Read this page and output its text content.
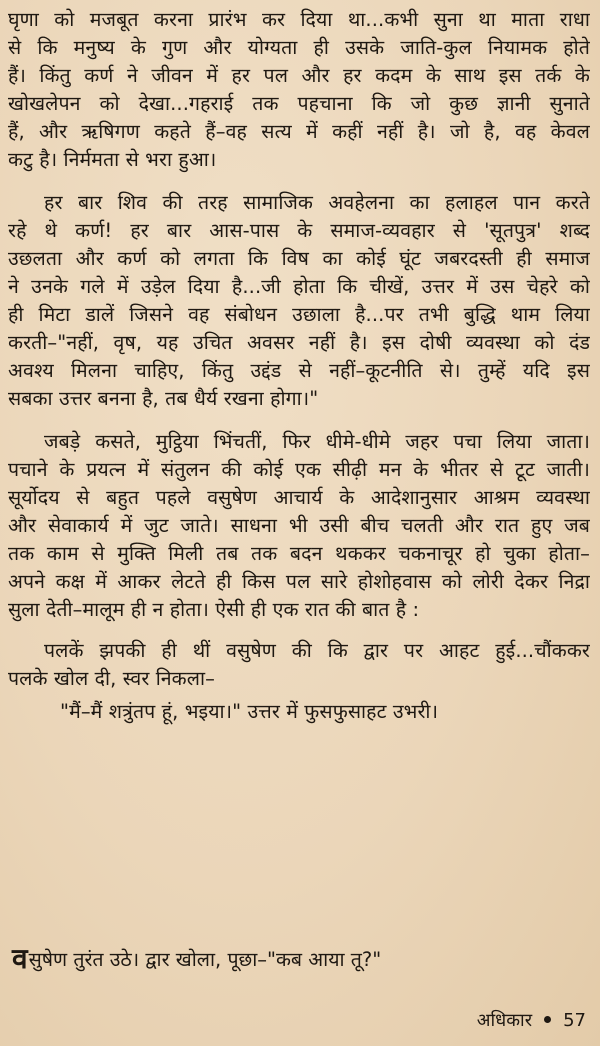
घृणा को मजबूत करना प्रारंभ कर दिया था...कभी सुना था माता राधा
से कि मनुष्य के गुण और योग्यता ही उसके जाति-कुल नियामक होते
हैं। किंतु कर्ण ने जीवन में हर पल और हर कदम के साथ इस तर्क के
खोखलेपन को देखा...गहराई तक पहचाना कि जो कुछ ज्ञानी सुनाते
हैं, और ऋषिगण कहते हैं–वह सत्य में कहीं नहीं है। जो है, वह केवल
कटु है। निर्ममता से भरा हुआ।
हर बार शिव की तरह सामाजिक अवहेलना का हलाहल पान करते
रहे थे कर्ण! हर बार आस-पास के समाज-व्यवहार से 'सूतपुत्र' शब्द
उछलता और कर्ण को लगता कि विष का कोई घूंट जबरदस्ती ही समाज
ने उनके गले में उड़ेल दिया है...जी होता कि चीखें, उत्तर में उस चेहरे को
ही मिटा डालें जिसने वह संबोधन उछाला है...पर तभी बुद्धि थाम लिया
करती–"नहीं, वृष, यह उचित अवसर नहीं है। इस दोषी व्यवस्था को दंड
अवश्य मिलना चाहिए, किंतु उद्दंड से नहीं–कूटनीति से। तुम्हें यदि इस
सबका उत्तर बनना है, तब धैर्य रखना होगा।"
जबड़े कसते, मुट्ठिया भिंचतीं, फिर धीमे-धीमे जहर पचा लिया जाता।
पचाने के प्रयत्न में संतुलन की कोई एक सीढ़ी मन के भीतर से टूट जाती।
सूर्योदय से बहुत पहले वसुषेण आचार्य के आदेशानुसार आश्रम व्यवस्था
और सेवाकार्य में जुट जाते। साधना भी उसी बीच चलती और रात हुए जब
तक काम से मुक्ति मिली तब तक बदन थककर चकनाचूर हो चुका होता–
अपने कक्ष में आकर लेटते ही किस पल सारे होशोहवास को लोरी देकर निद्रा
सुला देती–मालूम ही न होता। ऐसी ही एक रात की बात है :
पलकें झपकी ही थीं वसुषेण की कि द्वार पर आहट हुई...चौंककर
पलके खोल दी, स्वर निकला–
"मैं–मैं शत्रुंतप हूं, भइया।" उत्तर में फुसफुसाहट उभरी।
वसुषेण तुरंत उठे। द्वार खोला, पूछा–"कब आया तू?"
अधिकार 57
